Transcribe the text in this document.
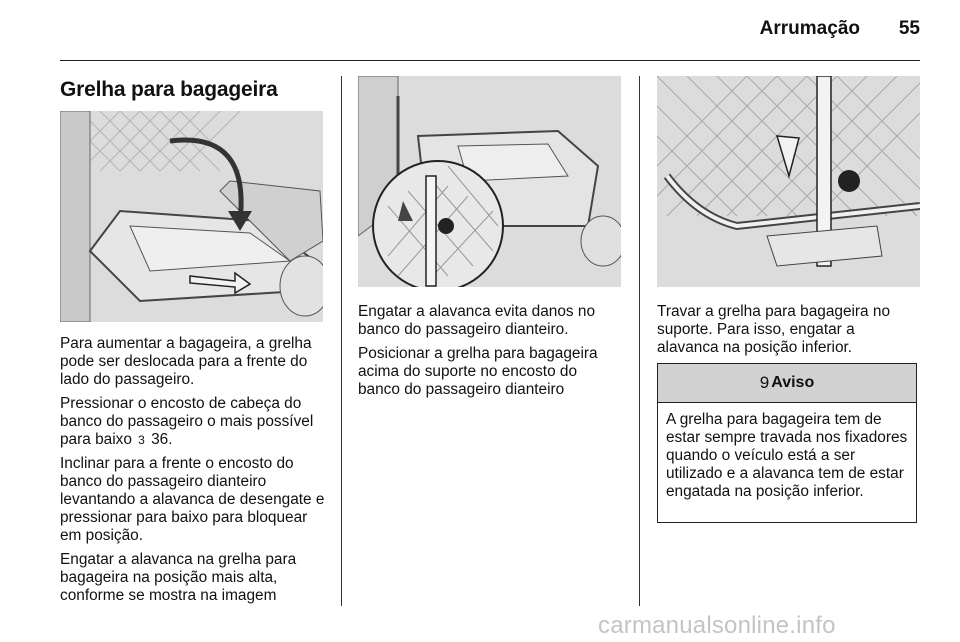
Arrumação	55
Grelha para bagageira

Para aumentar a bagageira, a grelha pode ser deslocada para a frente do lado do passageiro.

Pressionar o encosto de cabeça do banco do passageiro o mais possível para baixo 3 36.

Inclinar para a frente o encosto do banco do passageiro dianteiro levantando a alavanca de desengate e pressionar para baixo para bloquear em posição.

Engatar a alavanca na grelha para bagageira na posição mais alta, conforme se mostra na imagem

Engatar a alavanca evita danos no banco do passageiro dianteiro.

Posicionar a grelha para bagageira acima do suporte no encosto do banco do passageiro dianteiro

Travar a grelha para bagageira no suporte. Para isso, engatar a alavanca na posição inferior.

9 Aviso
A grelha para bagageira tem de estar sempre travada nos fixadores quando o veículo está a ser utilizado e a alavanca tem de estar engatada na posição inferior.
carmanualsonline.info
